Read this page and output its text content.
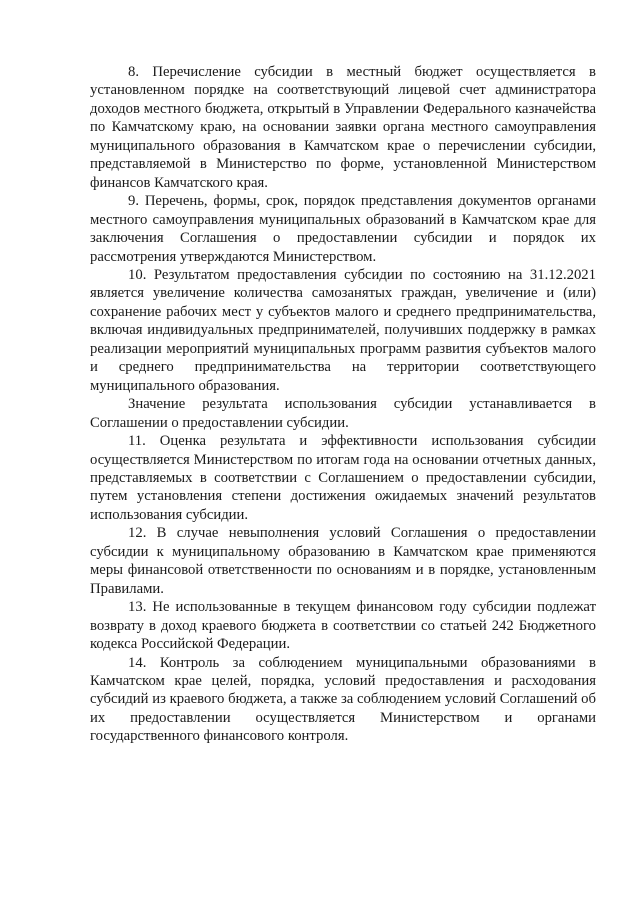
8. Перечисление субсидии в местный бюджет осуществляется в установленном порядке на соответствующий лицевой счет администратора доходов местного бюджета, открытый в Управлении Федерального казначейства по Камчатскому краю, на основании заявки органа местного самоуправления муниципального образования в Камчатском крае о перечислении субсидии, представляемой в Министерство по форме, установленной Министерством финансов Камчатского края.

9. Перечень, формы, срок, порядок представления документов органами местного самоуправления муниципальных образований в Камчатском крае для заключения Соглашения о предоставлении субсидии и порядок их рассмотрения утверждаются Министерством.

10. Результатом предоставления субсидии по состоянию на 31.12.2021 является увеличение количества самозанятых граждан, увеличение и (или) сохранение рабочих мест у субъектов малого и среднего предпринимательства, включая индивидуальных предпринимателей, получивших поддержку в рамках реализации мероприятий муниципальных программ развития субъектов малого и среднего предпринимательства на территории соответствующего муниципального образования.

Значение результата использования субсидии устанавливается в Соглашении о предоставлении субсидии.

11. Оценка результата и эффективности использования субсидии осуществляется Министерством по итогам года на основании отчетных данных, представляемых в соответствии с Соглашением о предоставлении субсидии, путем установления степени достижения ожидаемых значений результатов использования субсидии.

12. В случае невыполнения условий Соглашения о предоставлении субсидии к муниципальному образованию в Камчатском крае применяются меры финансовой ответственности по основаниям и в порядке, установленным Правилами.

13. Не использованные в текущем финансовом году субсидии подлежат возврату в доход краевого бюджета в соответствии со статьей 242 Бюджетного кодекса Российской Федерации.

14. Контроль за соблюдением муниципальными образованиями в Камчатском крае целей, порядка, условий предоставления и расходования субсидий из краевого бюджета, а также за соблюдением условий Соглашений об их предоставлении осуществляется Министерством и органами государственного финансового контроля.
